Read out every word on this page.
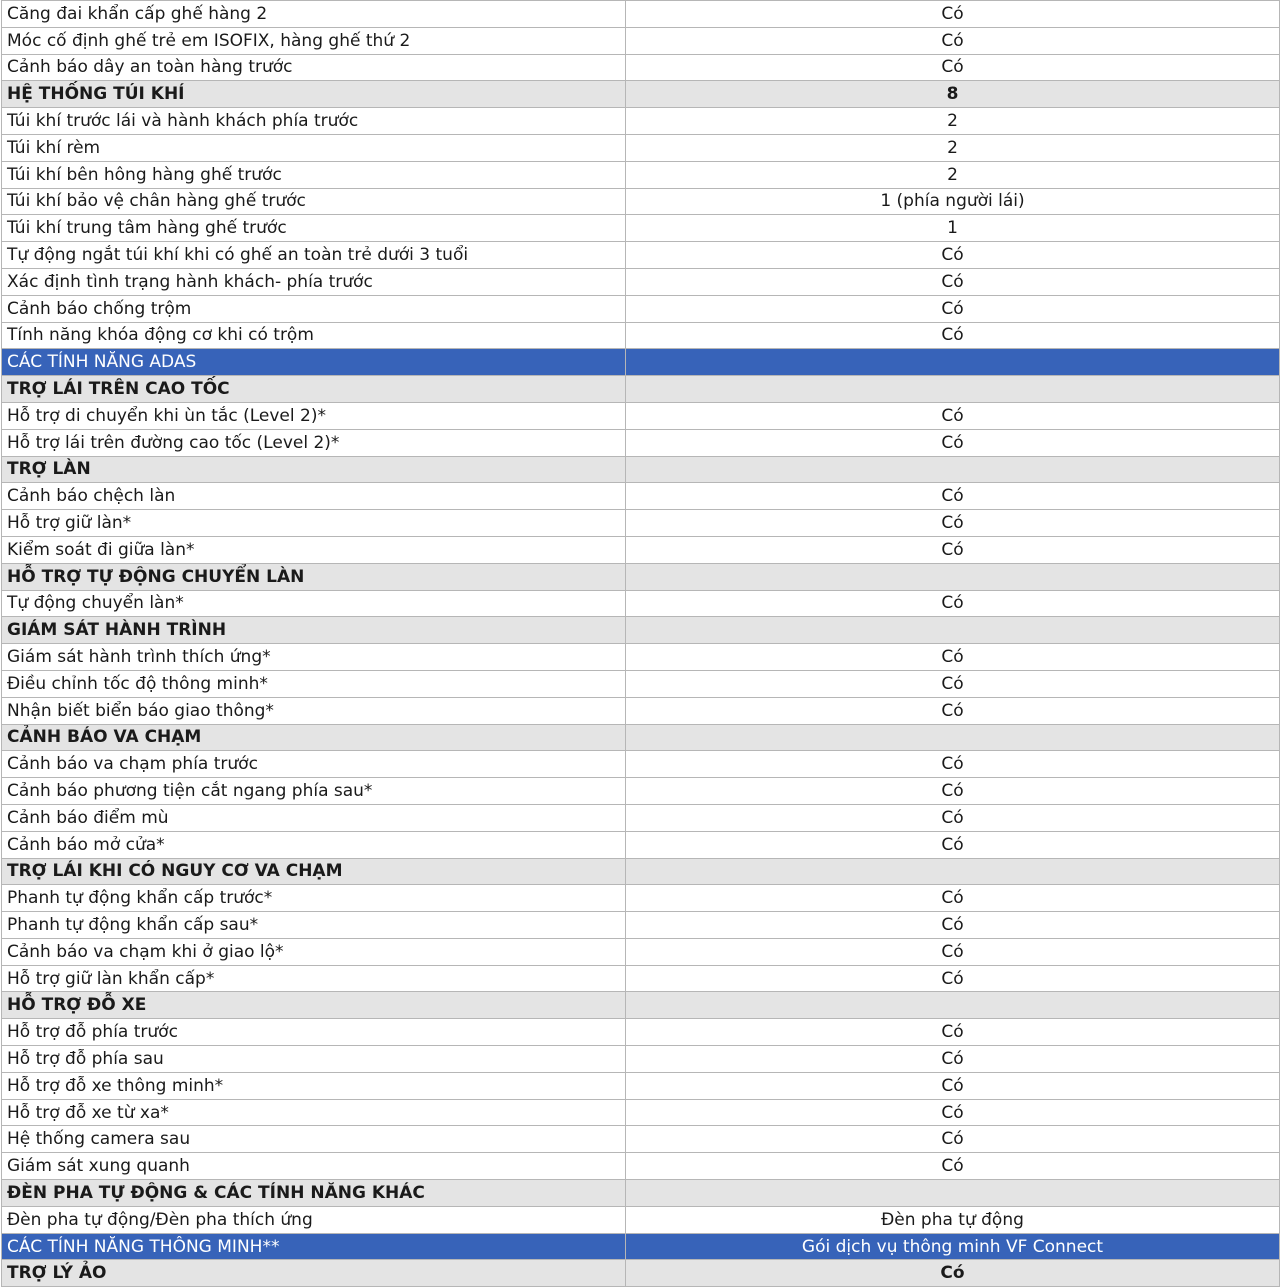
Căng đai khẩn cấp ghế hàng 2	Có
Móc cố định ghế trẻ em ISOFIX, hàng ghế thứ 2	Có
Cảnh báo dây an toàn hàng trước	Có
HỆ THỐNG TÚI KHÍ	8
Túi khí trước lái và hành khách phía trước	2
Túi khí rèm	2
Túi khí bên hông hàng ghế trước	2
Túi khí bảo vệ chân hàng ghế trước	1 (phía người lái)
Túi khí trung tâm hàng ghế trước	1
Tự động ngắt túi khí khi có ghế an toàn trẻ dưới 3 tuổi	Có
Xác định tình trạng hành khách- phía trước	Có
Cảnh báo chống trộm	Có
Tính năng khóa động cơ khi có trộm	Có
CÁC TÍNH NĂNG ADAS	
TRỢ LÁI TRÊN CAO TỐC	
Hỗ trợ di chuyển khi ùn tắc (Level 2)*	Có
Hỗ trợ lái trên đường cao tốc (Level 2)*	Có
TRỢ LÀN	
Cảnh báo chệch làn	Có
Hỗ trợ giữ làn*	Có
Kiểm soát đi giữa làn*	Có
HỖ TRỢ TỰ ĐỘNG CHUYỂN LÀN	
Tự động chuyển làn*	Có
GIÁM SÁT HÀNH TRÌNH	
Giám sát hành trình thích ứng*	Có
Điều chỉnh tốc độ thông minh*	Có
Nhận biết biển báo giao thông*	Có
CẢNH BÁO VA CHẠM	
Cảnh báo va chạm phía trước	Có
Cảnh báo phương tiện cắt ngang phía sau*	Có
Cảnh báo điểm mù	Có
Cảnh báo mở cửa*	Có
TRỢ LÁI KHI CÓ NGUY CƠ VA CHẠM	
Phanh tự động khẩn cấp trước*	Có
Phanh tự động khẩn cấp sau*	Có
Cảnh báo va chạm khi ở giao lộ*	Có
Hỗ trợ giữ làn khẩn cấp*	Có
HỖ TRỢ ĐỖ XE	
Hỗ trợ đỗ phía trước	Có
Hỗ trợ đỗ phía sau	Có
Hỗ trợ đỗ xe thông minh*	Có
Hỗ trợ đỗ xe từ xa*	Có
Hệ thống camera sau	Có
Giám sát xung quanh	Có
ĐÈN PHA TỰ ĐỘNG & CÁC TÍNH NĂNG KHÁC	
Đèn pha tự động/Đèn pha thích ứng	Đèn pha tự động
CÁC TÍNH NĂNG THÔNG MINH**	Gói dịch vụ thông minh VF Connect
TRỢ LÝ ẢO	Có
